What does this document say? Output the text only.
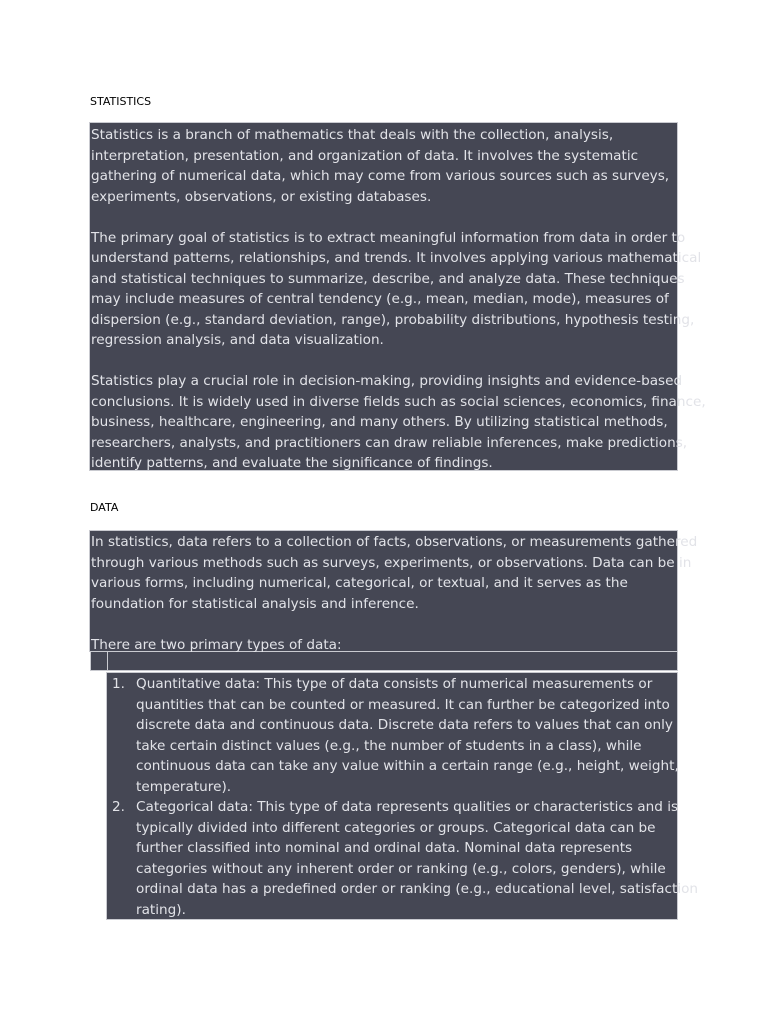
STATISTICS

Statistics is a branch of mathematics that deals with the collection, analysis,
interpretation, presentation, and organization of data. It involves the systematic
gathering of numerical data, which may come from various sources such as surveys,
experiments, observations, or existing databases.

The primary goal of statistics is to extract meaningful information from data in order to
understand patterns, relationships, and trends. It involves applying various mathematical
and statistical techniques to summarize, describe, and analyze data. These techniques
may include measures of central tendency (e.g., mean, median, mode), measures of
dispersion (e.g., standard deviation, range), probability distributions, hypothesis testing,
regression analysis, and data visualization.

Statistics play a crucial role in decision-making, providing insights and evidence-based
conclusions. It is widely used in diverse fields such as social sciences, economics, finance,
business, healthcare, engineering, and many others. By utilizing statistical methods,
researchers, analysts, and practitioners can draw reliable inferences, make predictions,
identify patterns, and evaluate the significance of findings.

DATA

In statistics, data refers to a collection of facts, observations, or measurements gathered
through various methods such as surveys, experiments, or observations. Data can be in
various forms, including numerical, categorical, or textual, and it serves as the
foundation for statistical analysis and inference.

There are two primary types of data:

1. Quantitative data: This type of data consists of numerical measurements or
quantities that can be counted or measured. It can further be categorized into
discrete data and continuous data. Discrete data refers to values that can only
take certain distinct values (e.g., the number of students in a class), while
continuous data can take any value within a certain range (e.g., height, weight,
temperature).
2. Categorical data: This type of data represents qualities or characteristics and is
typically divided into different categories or groups. Categorical data can be
further classified into nominal and ordinal data. Nominal data represents
categories without any inherent order or ranking (e.g., colors, genders), while
ordinal data has a predefined order or ranking (e.g., educational level, satisfaction
rating).
